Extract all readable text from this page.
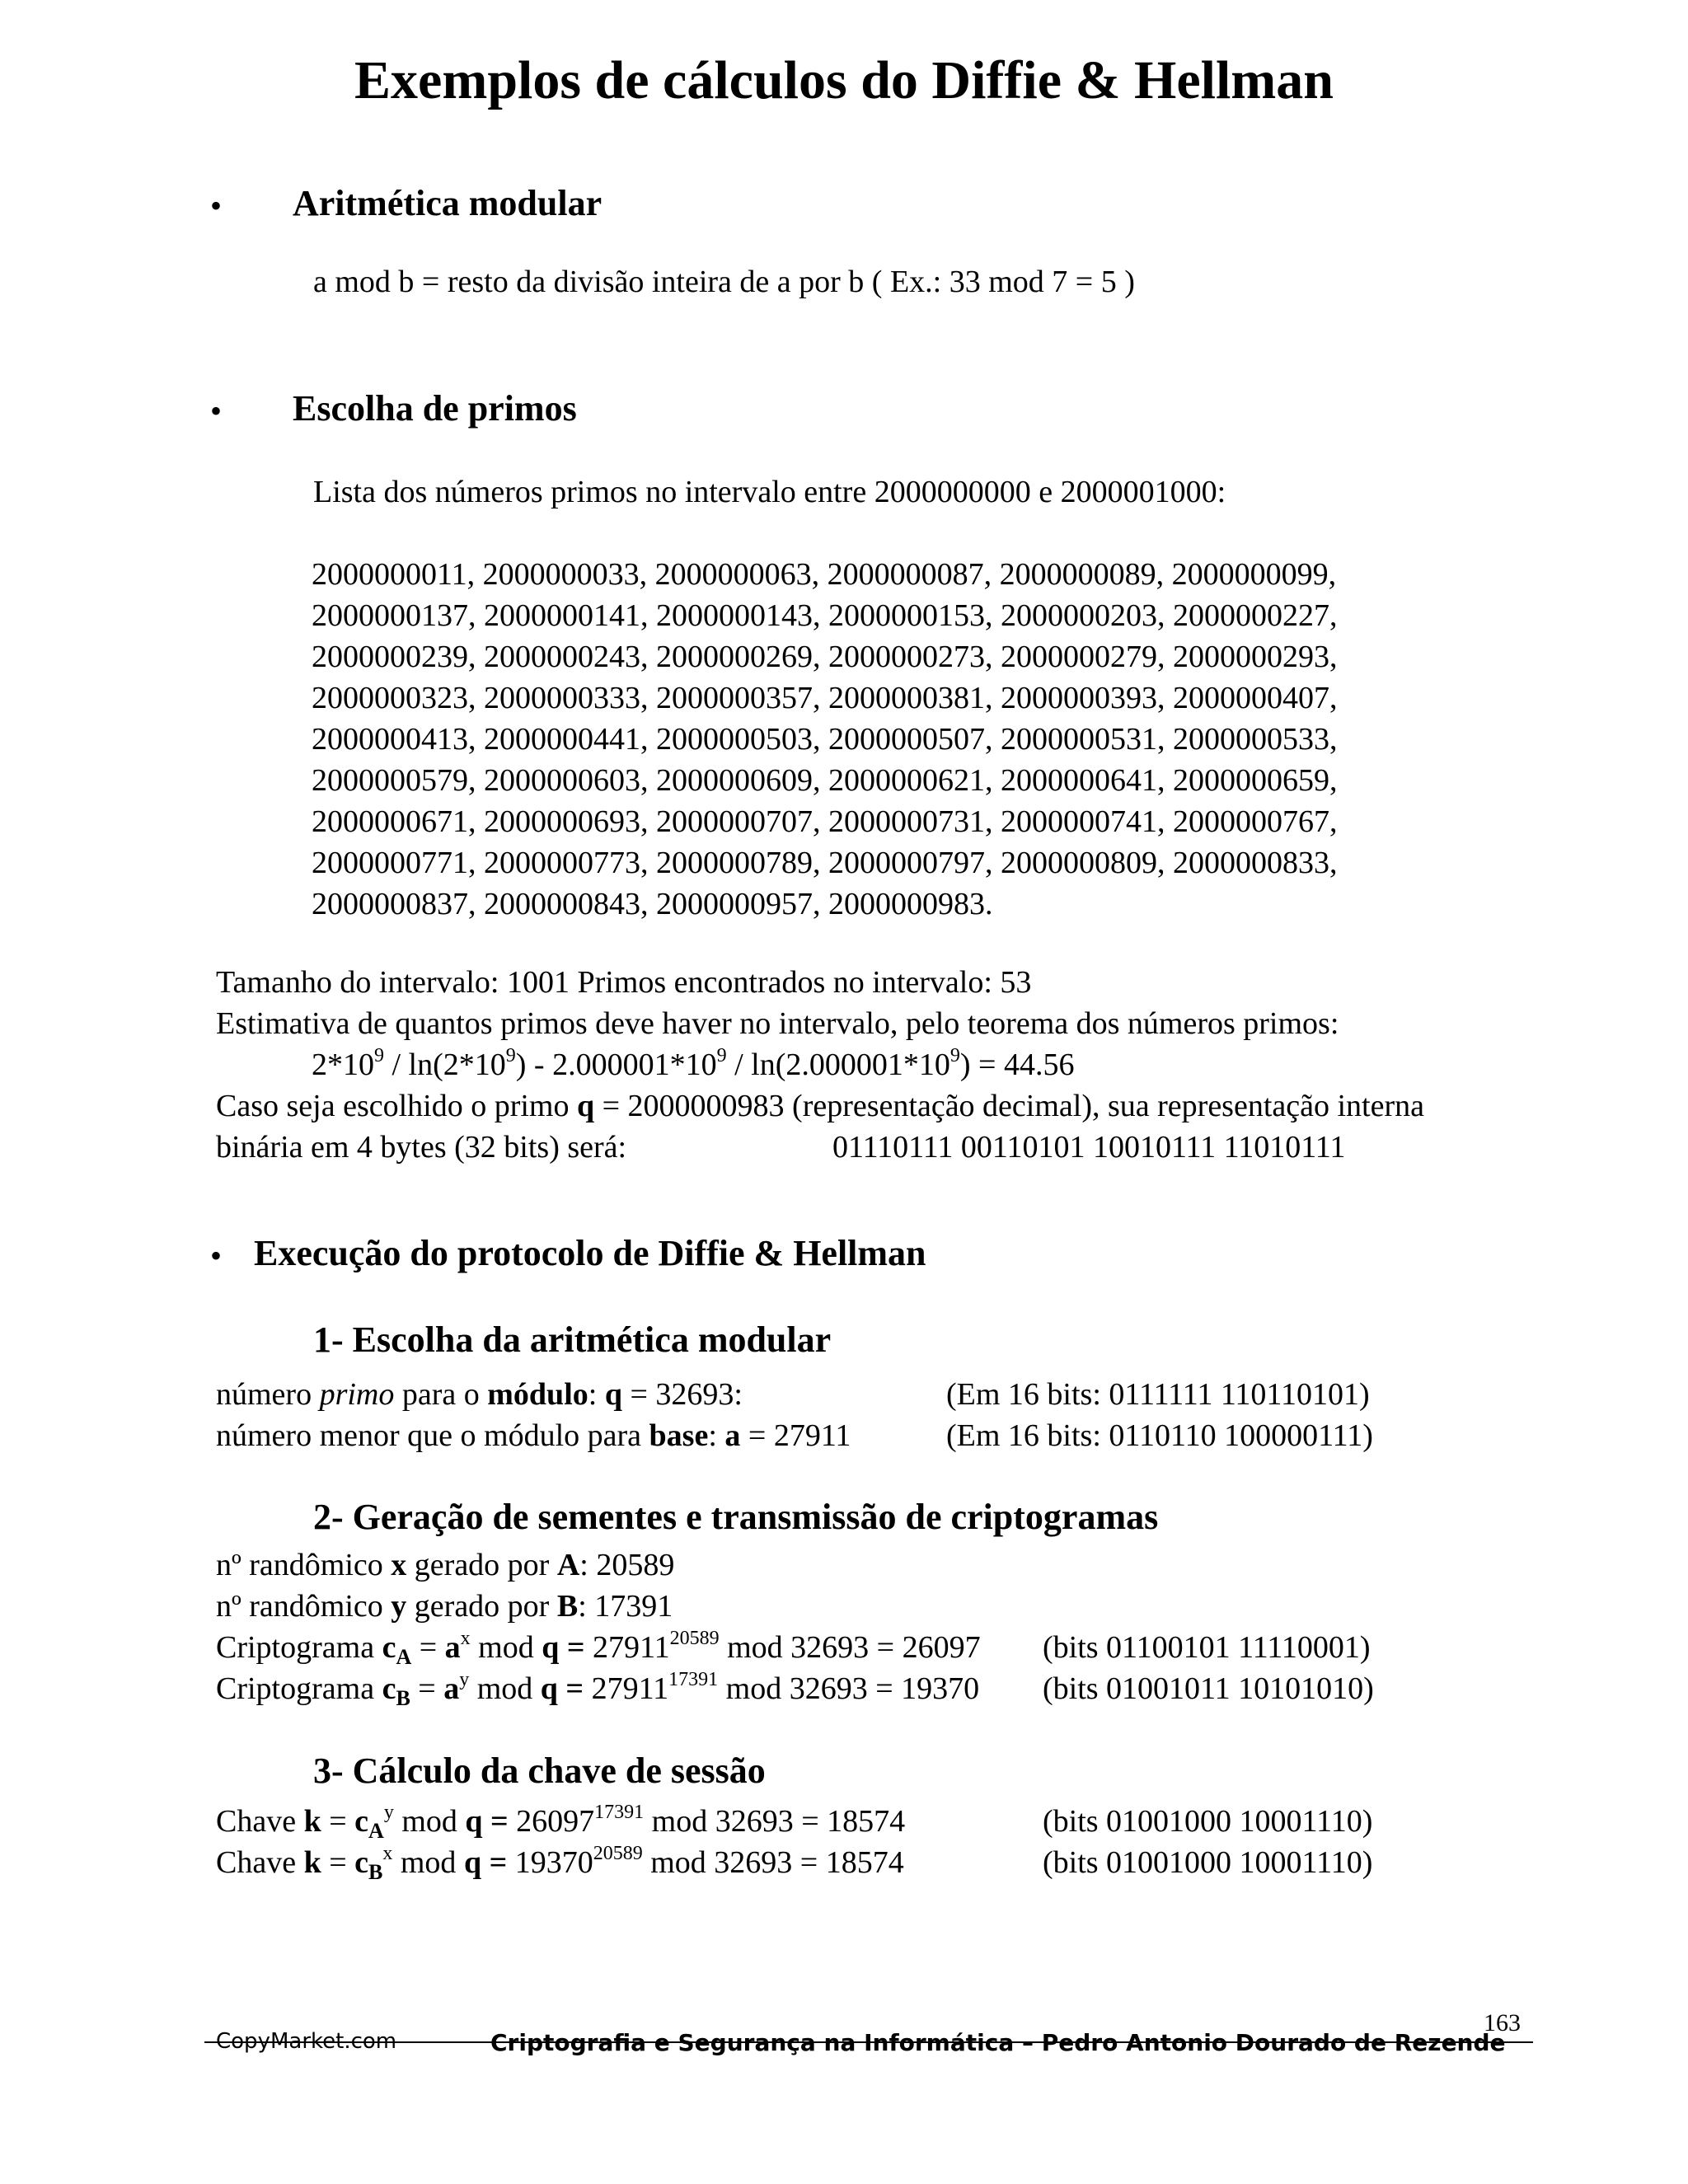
Exemplos de cálculos do Diffie & Hellman
• Aritmética modular
a mod b = resto da divisão inteira de a por b ( Ex.: 33 mod 7 = 5 )
• Escolha de primos
Lista dos números primos no intervalo entre 2000000000 e 2000001000:
2000000011, 2000000033, 2000000063, 2000000087, 2000000089, 2000000099,
2000000137, 2000000141, 2000000143, 2000000153, 2000000203, 2000000227,
2000000239, 2000000243, 2000000269, 2000000273, 2000000279, 2000000293,
2000000323, 2000000333, 2000000357, 2000000381, 2000000393, 2000000407,
2000000413, 2000000441, 2000000503, 2000000507, 2000000531, 2000000533,
2000000579, 2000000603, 2000000609, 2000000621, 2000000641, 2000000659,
2000000671, 2000000693, 2000000707, 2000000731, 2000000741, 2000000767,
2000000771, 2000000773, 2000000789, 2000000797, 2000000809, 2000000833,
2000000837, 2000000843, 2000000957, 2000000983.
Tamanho do intervalo: 1001 Primos encontrados no intervalo: 53
Estimativa de quantos primos deve haver no intervalo, pelo teorema dos números primos:
$2*10^9 / \ln(2*10^9) - 2.000001*10^9 / \ln(2.000001*10^9) = 44.56$
Caso seja escolhido o primo q = 2000000983 (representação decimal), sua representação interna
binária em 4 bytes (32 bits) será:	01110111 00110101 10010111 11010111
• Execução do protocolo de Diffie & Hellman
1- Escolha da aritmética modular
número primo para o módulo: q = 32693:	(Em 16 bits: 0111111 110110101)
número menor que o módulo para base: a = 27911	(Em 16 bits: 0110110 100000111)
2- Geração de sementes e transmissão de criptogramas
nº randômico x gerado por A: 20589
nº randômico y gerado por B: 17391
Criptograma $c_A = a^x$ mod $q = 27911^{20589}$ mod 32693 = 26097 (bits 01100101 11110001)
Criptograma $c_B = a^y$ mod $q = 27911^{17391}$ mod 32693 = 19370 (bits 01001011 10101010)
3- Cálculo da chave de sessão
Chave $k = c_A^y$ mod $q = 26097^{17391}$ mod 32693 = 18574	(bits 01001000 10001110)
Chave $k = c_B^x$ mod $q = 19370^{20589}$ mod 32693 = 18574	(bits 01001000 10001110)
163
CopyMarket.com	Criptografia e Segurança na Informática – Pedro Antonio Dourado de Rezende
